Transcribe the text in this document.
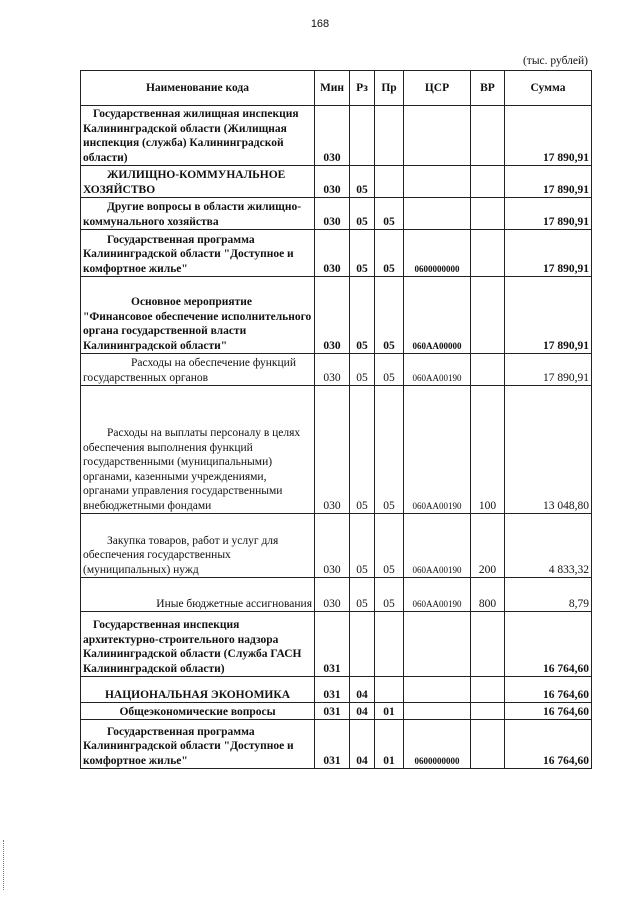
168
(тыс. рублей)
Наименование кода	Мин	Рз	Пр	ЦСР	ВР	Сумма
Государственная жилищная инспекция Калининградской области (Жилищная инспекция (служба) Калининградской области)	030					17 890,91
ЖИЛИЩНО-КОММУНАЛЬНОЕ ХОЗЯЙСТВО	030	05				17 890,91
Другие вопросы в области жилищно-коммунального хозяйства	030	05	05			17 890,91
Государственная программа Калининградской области "Доступное и комфортное жилье"	030	05	05	0600000000		17 890,91
Основное мероприятие "Финансовое обеспечение исполнительного органа государственной власти Калининградской области"	030	05	05	060АА00000		17 890,91
Расходы на обеспечение функций государственных органов	030	05	05	060АА00190		17 890,91
Расходы на выплаты персоналу в целях обеспечения выполнения функций государственными (муниципальными) органами, казенными учреждениями, органами управления государственными внебюджетными фондами	030	05	05	060АА00190	100	13 048,80
Закупка товаров, работ и услуг для обеспечения государственных (муниципальных) нужд	030	05	05	060АА00190	200	4 833,32
Иные бюджетные ассигнования	030	05	05	060АА00190	800	8,79
Государственная инспекция архитектурно-строительного надзора Калининградской области (Служба ГАСН Калининградской области)	031					16 764,60
НАЦИОНАЛЬНАЯ ЭКОНОМИКА	031	04				16 764,60
Общеэкономические вопросы	031	04	01			16 764,60
Государственная программа Калининградской области "Доступное и комфортное жилье"	031	04	01	0600000000		16 764,60
